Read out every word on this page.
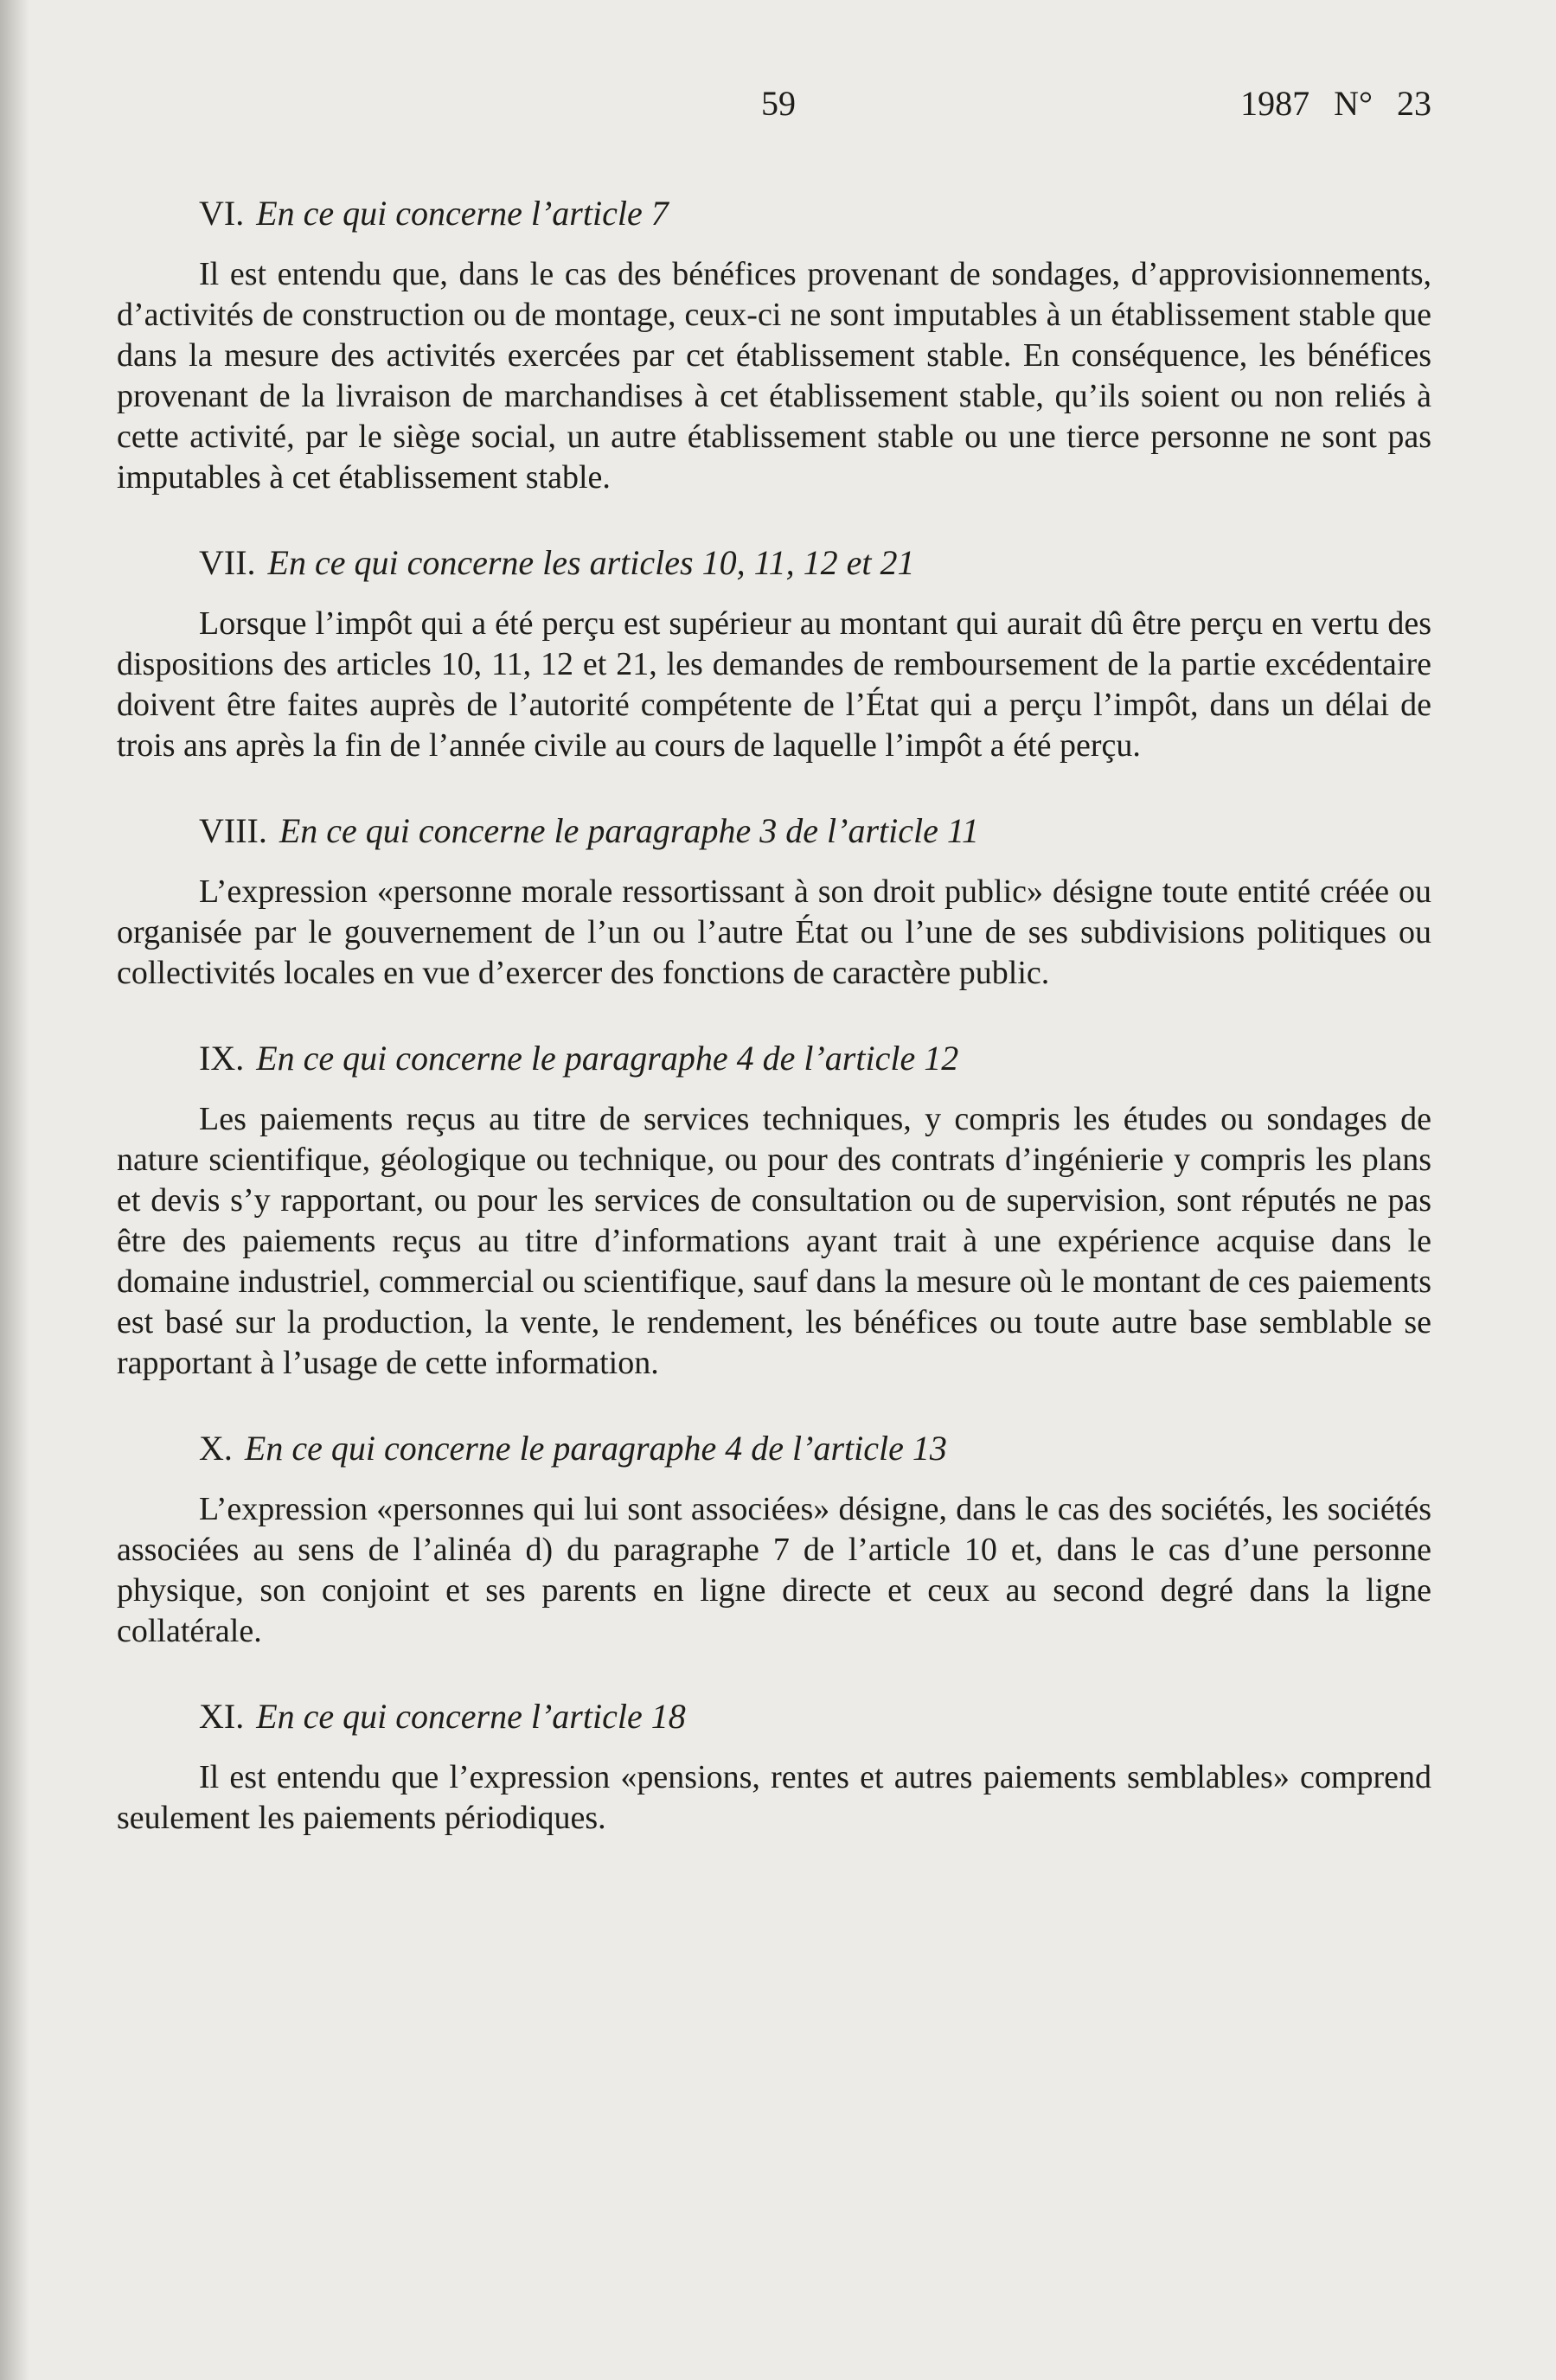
59	1987 N° 23
VI. En ce qui concerne l’article 7

Il est entendu que, dans le cas des bénéfices provenant de sondages, d’approvisionnements, d’activités de construction ou de montage, ceux-ci ne sont imputables à un établissement stable que dans la mesure des activités exercées par cet établissement stable. En conséquence, les bénéfices provenant de la livraison de marchandises à cet établissement stable, qu’ils soient ou non reliés à cette activité, par le siège social, un autre établissement stable ou une tierce personne ne sont pas imputables à cet établissement stable.

VII. En ce qui concerne les articles 10, 11, 12 et 21

Lorsque l’impôt qui a été perçu est supérieur au montant qui aurait dû être perçu en vertu des dispositions des articles 10, 11, 12 et 21, les demandes de remboursement de la partie excédentaire doivent être faites auprès de l’autorité compétente de l’État qui a perçu l’impôt, dans un délai de trois ans après la fin de l’année civile au cours de laquelle l’impôt a été perçu.

VIII. En ce qui concerne le paragraphe 3 de l’article 11

L’expression «personne morale ressortissant à son droit public» désigne toute entité créée ou organisée par le gouvernement de l’un ou l’autre État ou l’une de ses subdivisions politiques ou collectivités locales en vue d’exercer des fonctions de caractère public.

IX. En ce qui concerne le paragraphe 4 de l’article 12

Les paiements reçus au titre de services techniques, y compris les études ou sondages de nature scientifique, géologique ou technique, ou pour des contrats d’ingénierie y compris les plans et devis s’y rapportant, ou pour les services de consultation ou de supervision, sont réputés ne pas être des paiements reçus au titre d’informations ayant trait à une expérience acquise dans le domaine industriel, commercial ou scientifique, sauf dans la mesure où le montant de ces paiements est basé sur la production, la vente, le rendement, les bénéfices ou toute autre base semblable se rapportant à l’usage de cette information.

X. En ce qui concerne le paragraphe 4 de l’article 13

L’expression «personnes qui lui sont associées» désigne, dans le cas des sociétés, les sociétés associées au sens de l’alinéa d) du paragraphe 7 de l’article 10 et, dans le cas d’une personne physique, son conjoint et ses parents en ligne directe et ceux au second degré dans la ligne collatérale.

XI. En ce qui concerne l’article 18

Il est entendu que l’expression «pensions, rentes et autres paiements semblables» comprend seulement les paiements périodiques.
